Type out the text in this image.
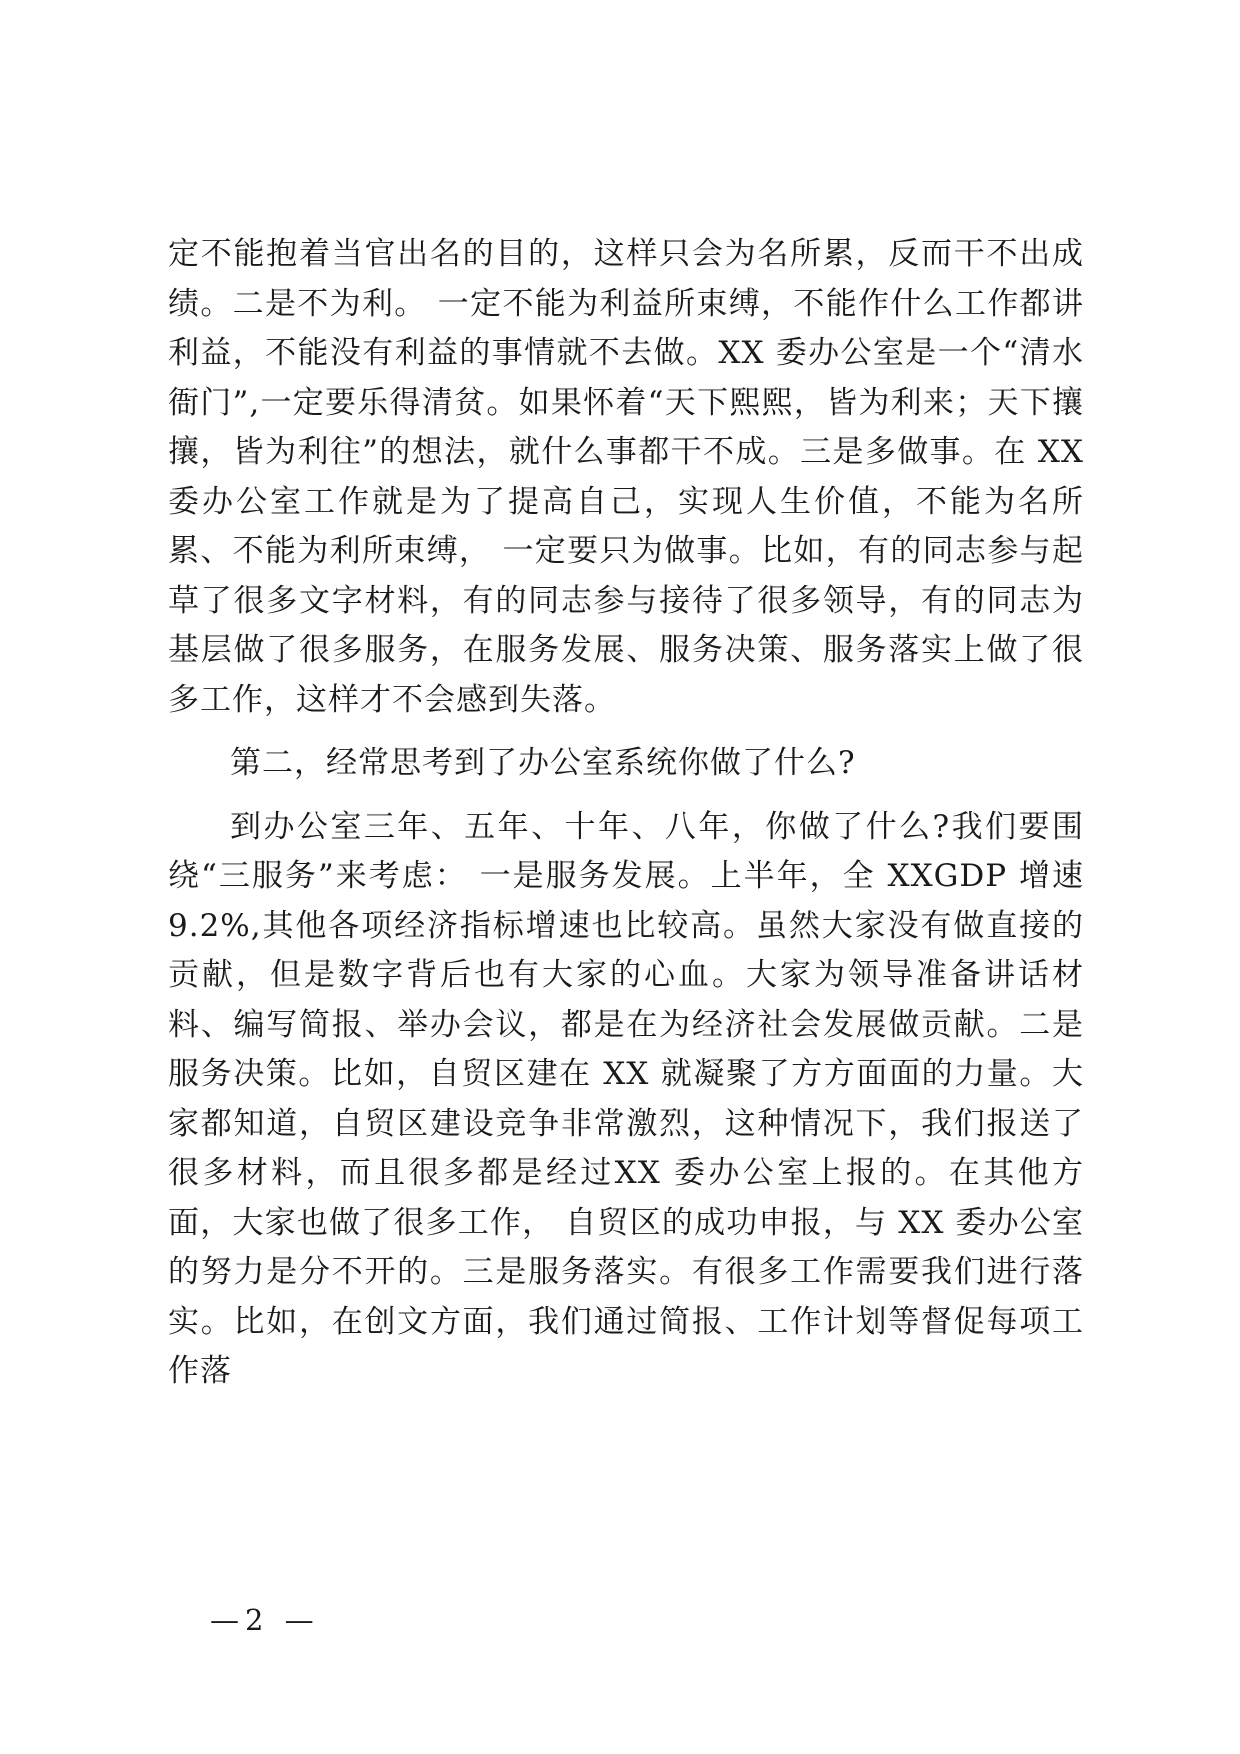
定不能抱着当官出名的目的，这样只会为名所累，反而干不出成绩。二是不为利。 一定不能为利益所束缚，不能作什么工作都讲利益，不能没有利益的事情就不去做。XX 委办公室是一个“清水衙门”,一定要乐得清贫。如果怀着“天下熙熙，皆为利来；天下攘攘，皆为利往”的想法，就什么事都干不成。三是多做事。在 XX 委办公室工作就是为了提高自己，实现人生价值，不能为名所累、不能为利所束缚， 一定要只为做事。比如，有的同志参与起草了很多文字材料，有的同志参与接待了很多领导，有的同志为基层做了很多服务，在服务发展、服务决策、服务落实上做了很多工作，这样才不会感到失落。

第二，经常思考到了办公室系统你做了什么?

到办公室三年、五年、十年、八年，你做了什么?我们要围绕“三服务”来考虑： 一是服务发展。上半年，全 XXGDP 增速 9.2%,其他各项经济指标增速也比较高。虽然大家没有做直接的贡献，但是数字背后也有大家的心血。大家为领导准备讲话材料、编写简报、举办会议，都是在为经济社会发展做贡献。二是服务决策。比如，自贸区建在 XX 就凝聚了方方面面的力量。大家都知道，自贸区建设竞争非常激烈，这种情况下，我们报送了很多材料，而且很多都是经过XX 委办公室上报的。在其他方面，大家也做了很多工作， 自贸区的成功申报，与 XX 委办公室的努力是分不开的。三是服务落实。有很多工作需要我们进行落实。比如，在创文方面，我们通过简报、工作计划等督促每项工作落

—2 —
